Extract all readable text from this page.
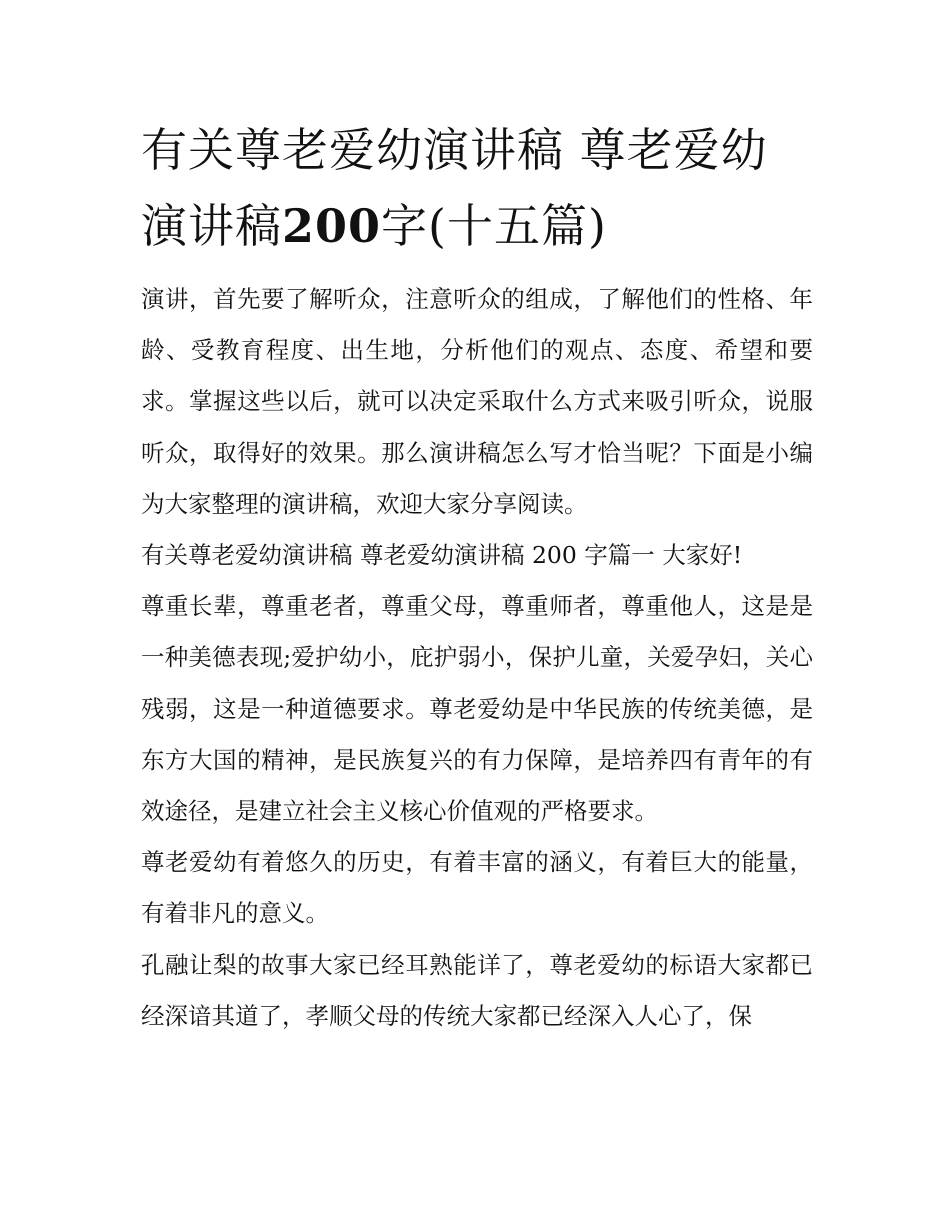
有关尊老爱幼演讲稿 尊老爱幼演讲稿200字(十五篇)

演讲，首先要了解听众，注意听众的组成，了解他们的性格、年龄、受教育程度、出生地，分析他们的观点、态度、希望和要求。掌握这些以后，就可以决定采取什么方式来吸引听众，说服听众，取得好的效果。那么演讲稿怎么写才恰当呢？下面是小编为大家整理的演讲稿，欢迎大家分享阅读。

有关尊老爱幼演讲稿 尊老爱幼演讲稿 200 字篇一 大家好!

尊重长辈，尊重老者，尊重父母，尊重师者，尊重他人，这是是一种美德表现;爱护幼小，庇护弱小，保护儿童，关爱孕妇，关心残弱，这是一种道德要求。尊老爱幼是中华民族的传统美德，是东方大国的精神，是民族复兴的有力保障，是培养四有青年的有效途径，是建立社会主义核心价值观的严格要求。

尊老爱幼有着悠久的历史，有着丰富的涵义，有着巨大的能量，有着非凡的意义。

孔融让梨的故事大家已经耳熟能详了，尊老爱幼的标语大家都已经深谙其道了，孝顺父母的传统大家都已经深入人心了，保
